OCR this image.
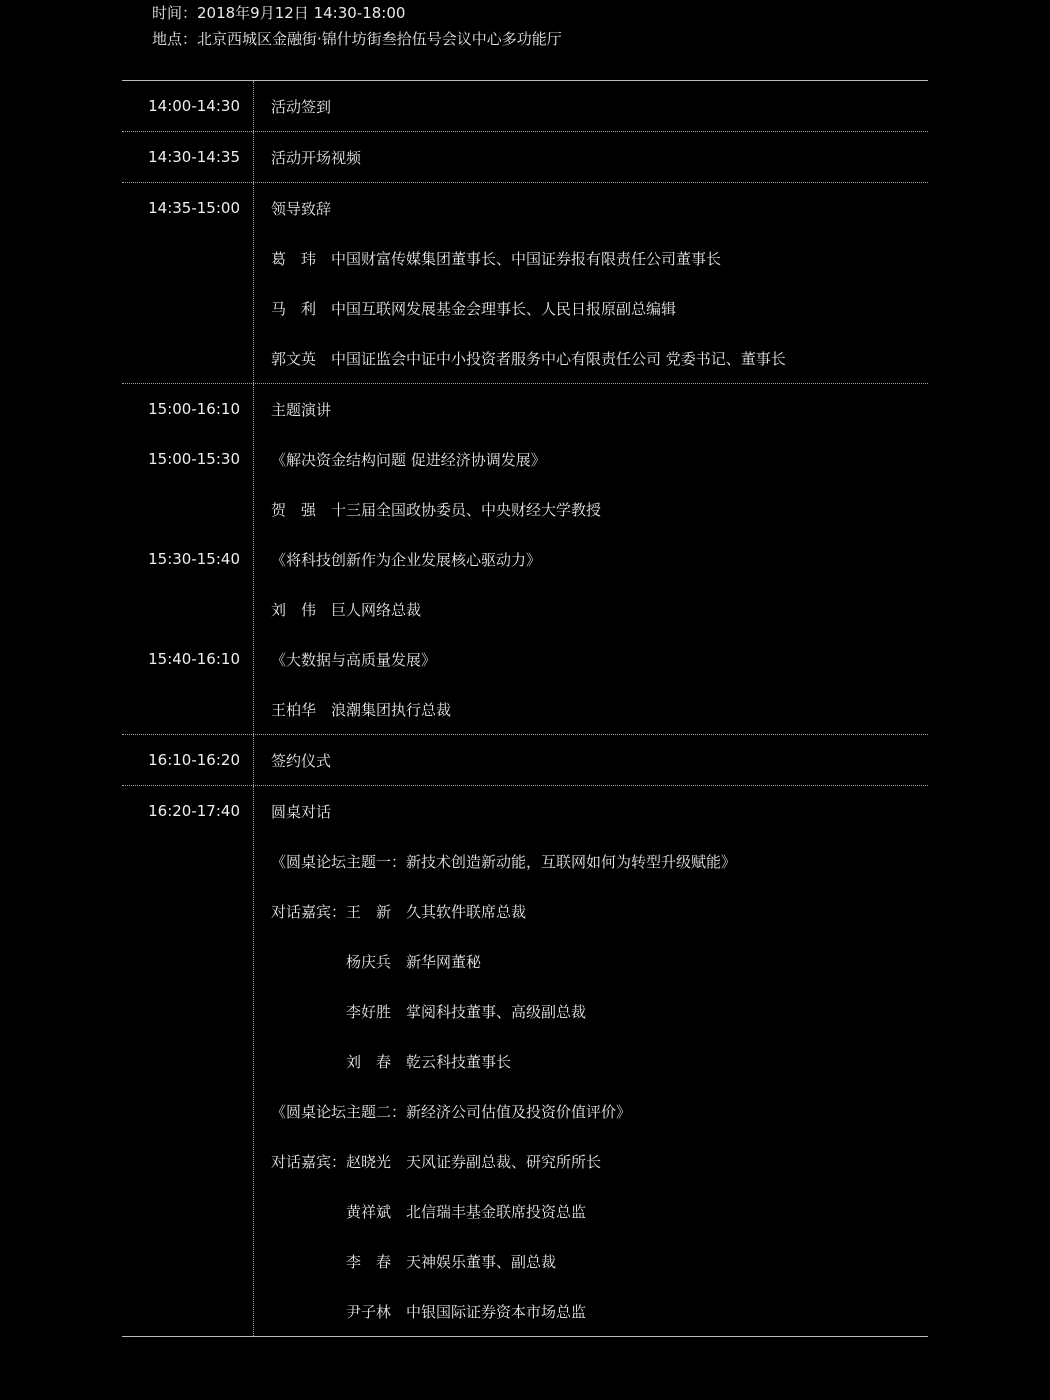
时间：2018年9月12日 14:30-18:00
地点：北京西城区金融街·锦什坊街叁拾伍号会议中心多功能厅
14:00-14:30	活动签到
14:30-14:35	活动开场视频
14:35-15:00	领导致辞
葛　玮　中国财富传媒集团董事长、中国证券报有限责任公司董事长
马　利　中国互联网发展基金会理事长、人民日报原副总编辑
郭文英　中国证监会中证中小投资者服务中心有限责任公司 党委书记、董事长
15:00-16:10	主题演讲
15:00-15:30	《解决资金结构问题 促进经济协调发展》
贺　强　十三届全国政协委员、中央财经大学教授
15:30-15:40	《将科技创新作为企业发展核心驱动力》
刘　伟　巨人网络总裁
15:40-16:10	《大数据与高质量发展》
王柏华　浪潮集团执行总裁
16:10-16:20	签约仪式
16:20-17:40	圆桌对话
《圆桌论坛主题一：新技术创造新动能，互联网如何为转型升级赋能》
对话嘉宾：王　新　久其软件联席总裁
　　　　　杨庆兵　新华网董秘
　　　　　李好胜　掌阅科技董事、高级副总裁
　　　　　刘　春　乾云科技董事长
《圆桌论坛主题二：新经济公司估值及投资价值评价》
对话嘉宾：赵晓光　天风证券副总裁、研究所所长
　　　　　黄祥斌　北信瑞丰基金联席投资总监
　　　　　李　春　天神娱乐董事、副总裁
　　　　　尹子林　中银国际证券资本市场总监
